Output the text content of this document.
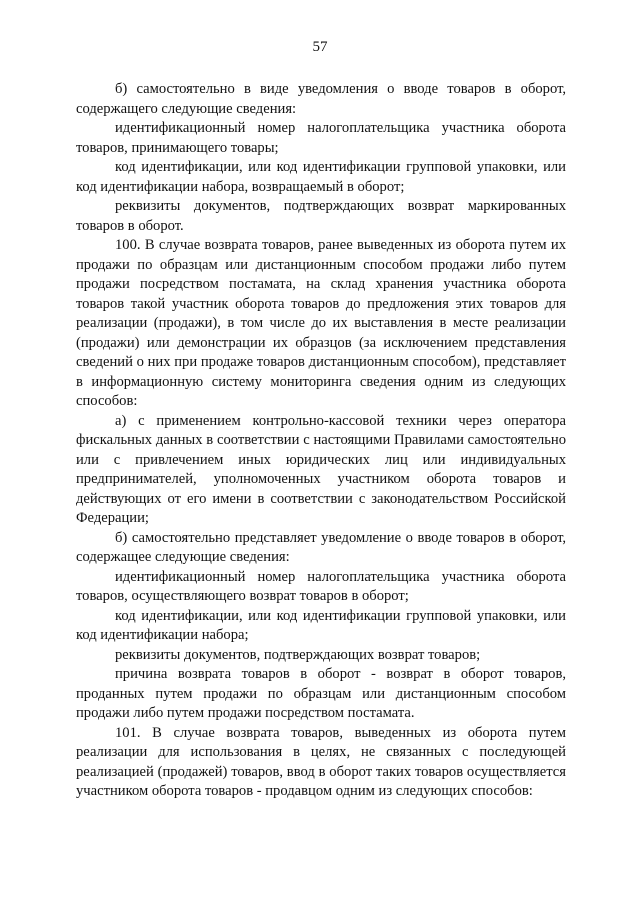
57

б) самостоятельно в виде уведомления о вводе товаров в оборот, содержащего следующие сведения:

идентификационный номер налогоплательщика участника оборота товаров, принимающего товары;

код идентификации, или код идентификации групповой упаковки, или код идентификации набора, возвращаемый в оборот;

реквизиты документов, подтверждающих возврат маркированных товаров в оборот.

100. В случае возврата товаров, ранее выведенных из оборота путем их продажи по образцам или дистанционным способом продажи либо путем продажи посредством постамата, на склад хранения участника оборота товаров такой участник оборота товаров до предложения этих товаров для реализации (продажи), в том числе до их выставления в месте реализации (продажи) или демонстрации их образцов (за исключением представления сведений о них при продаже товаров дистанционным способом), представляет в информационную систему мониторинга сведения одним из следующих способов:

а) с применением контрольно-кассовой техники через оператора фискальных данных в соответствии с настоящими Правилами самостоятельно или с привлечением иных юридических лиц или индивидуальных предпринимателей, уполномоченных участником оборота товаров и действующих от его имени в соответствии с законодательством Российской Федерации;

б) самостоятельно представляет уведомление о вводе товаров в оборот, содержащее следующие сведения:

идентификационный номер налогоплательщика участника оборота товаров, осуществляющего возврат товаров в оборот;

код идентификации, или код идентификации групповой упаковки, или код идентификации набора;

реквизиты документов, подтверждающих возврат товаров;

причина возврата товаров в оборот - возврат в оборот товаров, проданных путем продажи по образцам или дистанционным способом продажи либо путем продажи посредством постамата.

101. В случае возврата товаров, выведенных из оборота путем реализации для использования в целях, не связанных с последующей реализацией (продажей) товаров, ввод в оборот таких товаров осуществляется участником оборота товаров - продавцом одним из следующих способов:
